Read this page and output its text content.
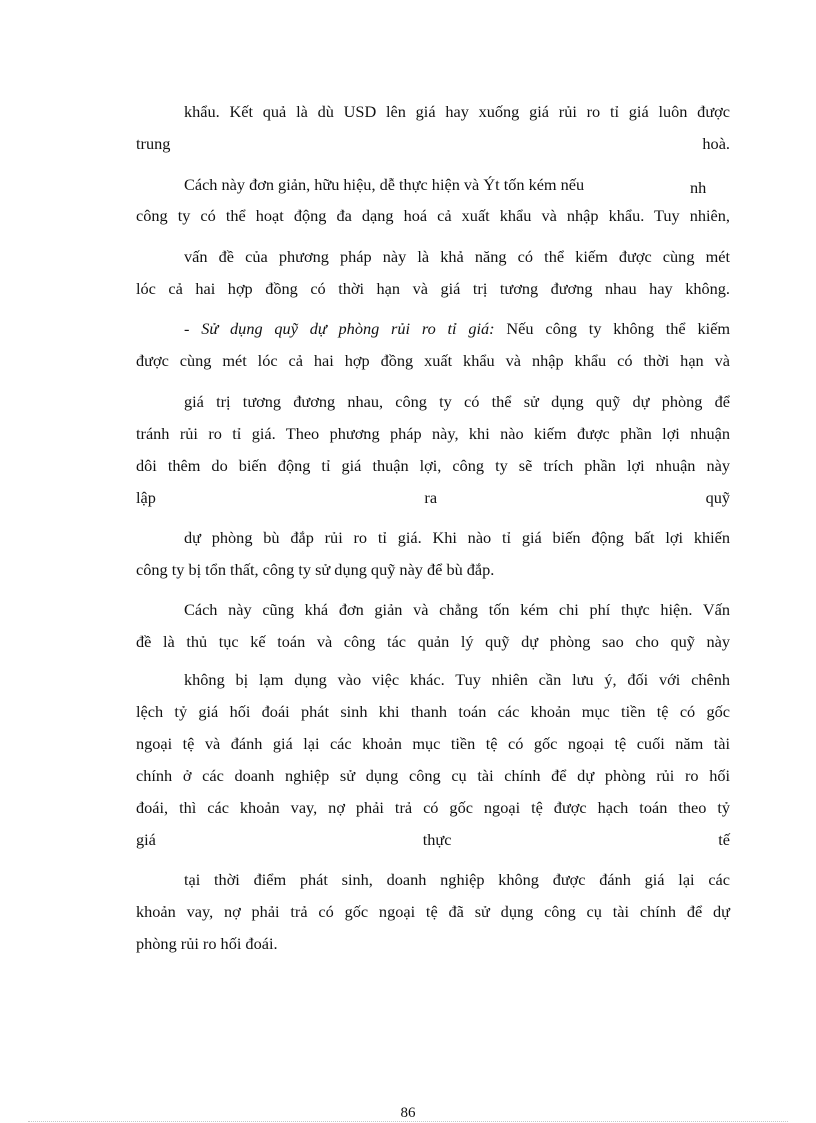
khẩu. Kết quả là dù USD lên giá hay xuống giá rủi ro tỉ giá luôn được
trung hoà.
Cách này đơn giản, hữu hiệu, dễ thực hiện và Ýt tốn kém nếu	nh
công ty có thể hoạt động đa dạng hoá cả xuất khẩu và nhập khẩu. Tuy nhiên,
vấn đề của phương pháp này là khả năng có thể kiếm được cùng mét
lóc cả hai hợp đồng có thời hạn và giá trị tương đương nhau hay không.
- Sử dụng quỹ dự phòng rủi ro tỉ giá: Nếu công ty không thể kiếm
được cùng mét lóc cả hai hợp đồng xuất khẩu và nhập khẩu có thời hạn và
giá trị tương đương nhau, công ty có thể sử dụng quỹ dự phòng để
tránh rủi ro tỉ giá. Theo phương pháp này, khi nào kiếm được phần lợi nhuận
dôi thêm do biến động tỉ giá thuận lợi, công ty sẽ trích phần lợi nhuận này
lập ra quỹ
dự phòng bù đắp rủi ro tỉ giá. Khi nào tỉ giá biến động bất lợi khiến
công ty bị tổn thất, công ty sử dụng quỹ này để bù đắp.
Cách này cũng khá đơn giản và chẳng tốn kém chi phí thực hiện. Vấn
đề là thủ tục kế toán và công tác quản lý quỹ dự phòng sao cho quỹ này
không bị lạm dụng vào việc khác. Tuy nhiên cần lưu ý, đối với chênh
lệch tỷ giá hối đoái phát sinh khi thanh toán các khoản mục tiền tệ có gốc
ngoại tệ và đánh giá lại các khoản mục tiền tệ có gốc ngoại tệ cuối năm tài
chính ở các doanh nghiệp sử dụng công cụ tài chính để dự phòng rủi ro hối
đoái, thì các khoản vay, nợ phải trả có gốc ngoại tệ được hạch toán theo tỷ
giá thực tế
tại thời điểm phát sinh, doanh nghiệp không được đánh giá lại các
khoản vay, nợ phải trả có gốc ngoại tệ đã sử dụng công cụ tài chính để dự
phòng rủi ro hối đoái.
86
